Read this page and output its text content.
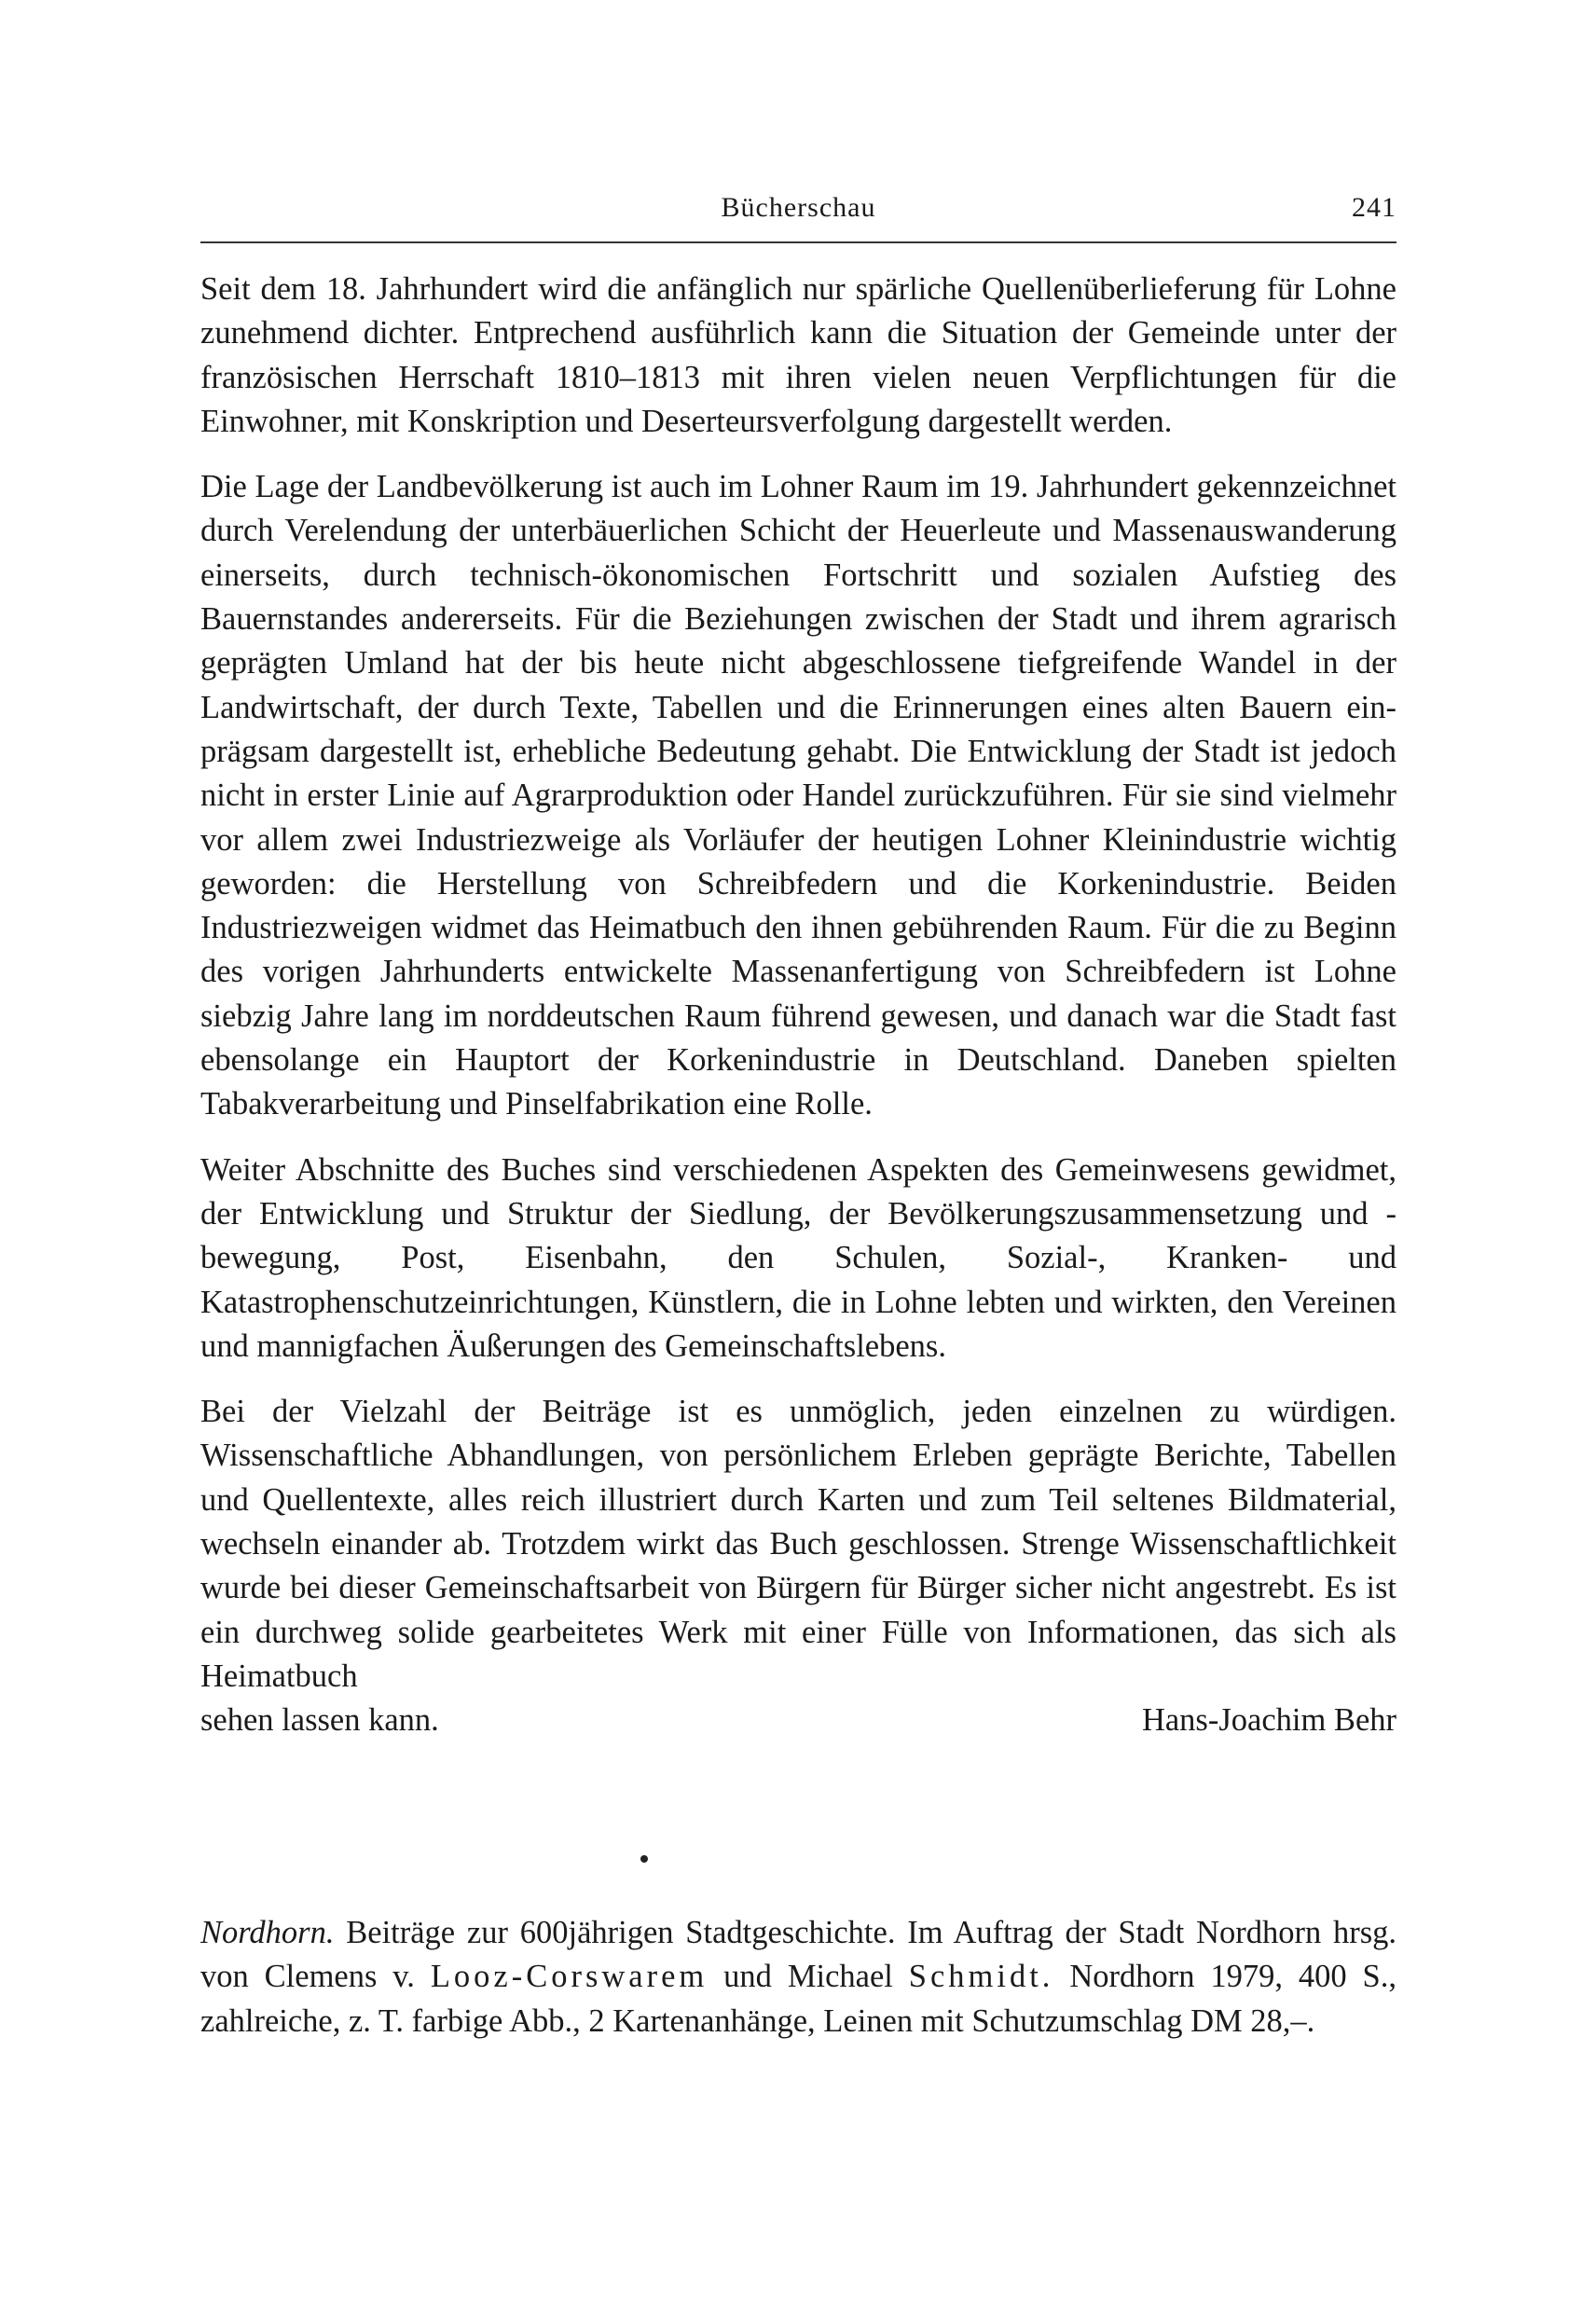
Bücherschau	241

Seit dem 18. Jahrhundert wird die anfänglich nur spärliche Quellenüberlieferung für Lohne zunehmend dichter. Entprechend ausführlich kann die Situation der Gemeinde unter der französischen Herrschaft 1810–1813 mit ihren vielen neuen Verpflichtungen für die Einwohner, mit Konskription und Deserteursverfolgung dargestellt werden.

Die Lage der Landbevölkerung ist auch im Lohner Raum im 19. Jahrhundert gekennzeichnet durch Verelendung der unterbäuerlichen Schicht der Heuerleute und Massenauswanderung einerseits, durch technisch-ökonomischen Fortschritt und sozialen Aufstieg des Bauernstandes andererseits. Für die Beziehungen zwischen der Stadt und ihrem agrarisch geprägten Umland hat der bis heute nicht abgeschlossene tiefgreifende Wandel in der Landwirtschaft, der durch Texte, Tabellen und die Erinnerungen eines alten Bauern einprägsam dargestellt ist, erhebliche Bedeutung gehabt. Die Entwicklung der Stadt ist jedoch nicht in erster Linie auf Agrarproduktion oder Handel zurückzuführen. Für sie sind vielmehr vor allem zwei Industriezweige als Vorläufer der heutigen Lohner Kleinindustrie wichtig geworden: die Herstellung von Schreibfedern und die Korkenindustrie. Beiden Industriezweigen widmet das Heimatbuch den ihnen gebührenden Raum. Für die zu Beginn des vorigen Jahrhunderts entwickelte Massenanfertigung von Schreibfedern ist Lohne siebzig Jahre lang im norddeutschen Raum führend gewesen, und danach war die Stadt fast ebensolange ein Hauptort der Korkenindustrie in Deutschland. Daneben spielten Tabakverarbeitung und Pinselfabrikation eine Rolle.

Weiter Abschnitte des Buches sind verschiedenen Aspekten des Gemeinwesens gewidmet, der Entwicklung und Struktur der Siedlung, der Bevölkerungszusammensetzung und -bewegung, Post, Eisenbahn, den Schulen, Sozial-, Kranken- und Katastrophenschutzeinrichtungen, Künstlern, die in Lohne lebten und wirkten, den Vereinen und mannigfachen Äußerungen des Gemeinschaftslebens.

Bei der Vielzahl der Beiträge ist es unmöglich, jeden einzelnen zu würdigen. Wissenschaftliche Abhandlungen, von persönlichem Erleben geprägte Berichte, Tabellen und Quellentexte, alles reich illustriert durch Karten und zum Teil seltenes Bildmaterial, wechseln einander ab. Trotzdem wirkt das Buch geschlossen. Strenge Wissenschaftlichkeit wurde bei dieser Gemeinschaftsarbeit von Bürgern für Bürger sicher nicht angestrebt. Es ist ein durchweg solide gearbeitetes Werk mit einer Fülle von Informationen, das sich als Heimatbuch
sehen lassen kann.	Hans-Joachim Behr

Nordhorn. Beiträge zur 600jährigen Stadtgeschichte. Im Auftrag der Stadt Nordhorn hrsg. von Clemens v. Looz-Corswarem und Michael Schmidt. Nordhorn 1979, 400 S., zahlreiche, z. T. farbige Abb., 2 Kartenanhänge, Leinen mit Schutzumschlag DM 28,–.
